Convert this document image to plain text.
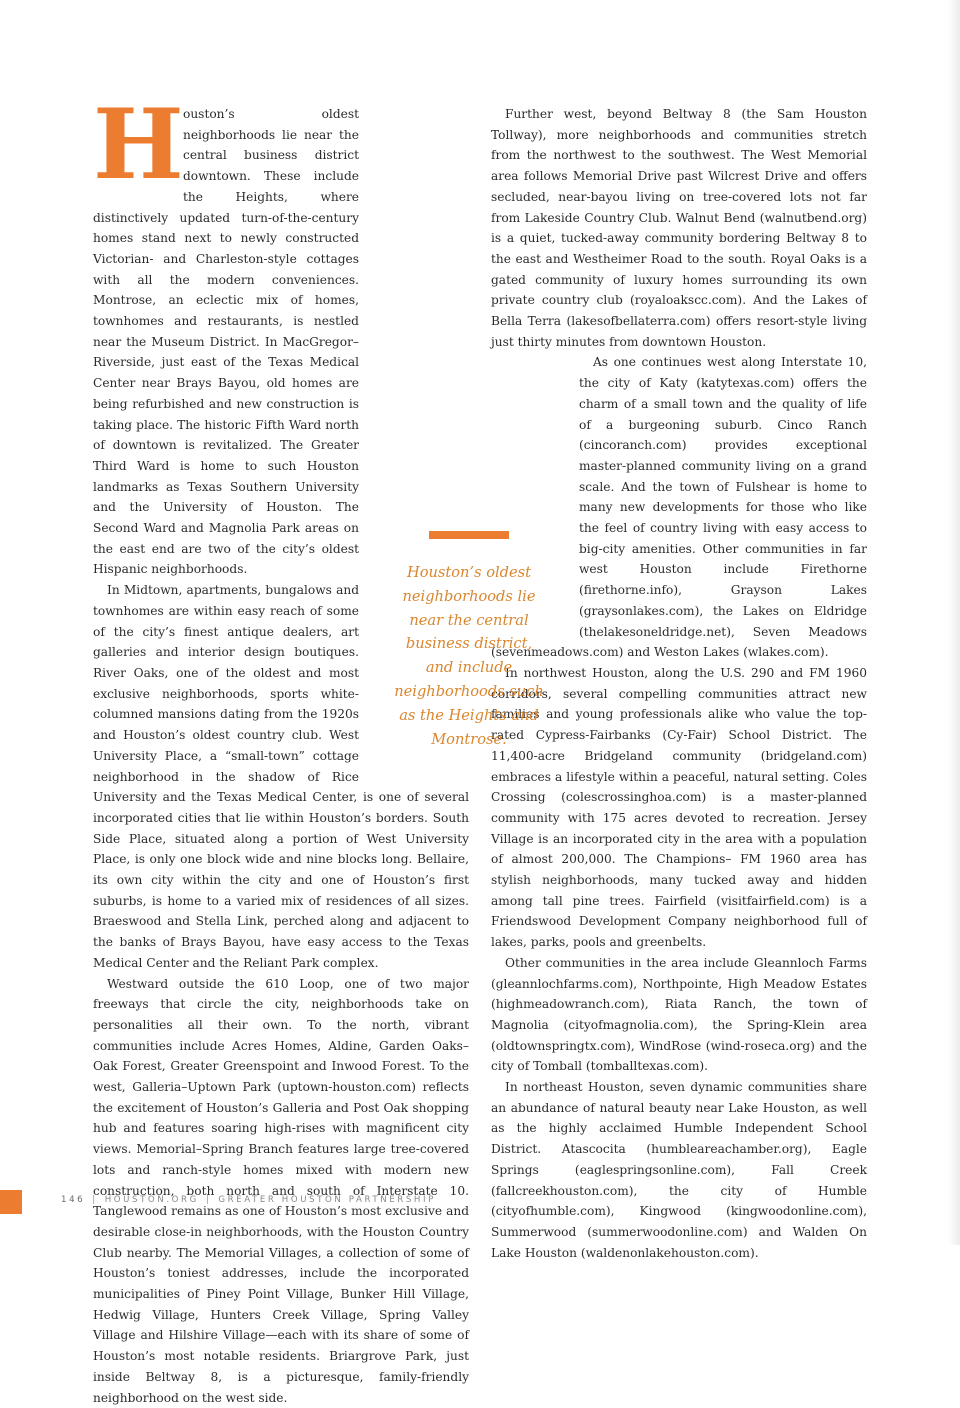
H ouston’s oldest neighborhoods lie near the central business district downtown. These include the Heights, where distinctively updated turn-of-the-century homes stand next to newly constructed Victorian- and Charleston-style cottages with all the modern conveniences. Montrose, an eclectic mix of homes, townhomes and restaurants, is nestled near the Museum District. In MacGregor–Riverside, just east of the Texas Medical Center near Brays Bayou, old homes are being refurbished and new construction is taking place. The historic Fifth Ward north of downtown is revitalized. The Greater Third Ward is home to such Houston landmarks as Texas Southern University and the University of Houston. The Second Ward and Magnolia Park areas on the east end are two of the city’s oldest Hispanic neighborhoods.

In Midtown, apartments, bungalows and townhomes are within easy reach of some of the city’s finest antique dealers, art galleries and interior design boutiques. River Oaks, one of the oldest and most exclusive neighborhoods, sports white-columned mansions dating from the 1920s and Houston’s oldest country club. West University Place, a “small-town” cottage neighborhood in the shadow of Rice University and the Texas Medical Center, is one of several incorporated cities that lie within Houston’s borders. South Side Place, situated along a portion of West University Place, is only one block wide and nine blocks long. Bellaire, its own city within the city and one of Houston’s first suburbs, is home to a varied mix of residences of all sizes. Braeswood and Stella Link, perched along and adjacent to the banks of Brays Bayou, have easy access to the Texas Medical Center and the Reliant Park complex.

Westward outside the 610 Loop, one of two major freeways that circle the city, neighborhoods take on personalities all their own. To the north, vibrant communities include Acres Homes, Aldine, Garden Oaks–Oak Forest, Greater Greenspoint and Inwood Forest. To the west, Galleria–Uptown Park (uptown-houston.com) reflects the excitement of Houston’s Galleria and Post Oak shopping hub and features soaring high-rises with magnificent city views. Memorial–Spring Branch features large tree-covered lots and ranch-style homes mixed with modern new construction, both north and south of Interstate 10. Tanglewood remains as one of Houston’s most exclusive and desirable close-in neighborhoods, with the Houston Country Club nearby. The Memorial Villages, a collection of some of Houston’s toniest addresses, include the incorporated municipalities of Piney Point Village, Bunker Hill Village, Hedwig Village, Hunters Creek Village, Spring Valley Village and Hilshire Village—each with its share of some of Houston’s most notable residents. Briargrove Park, just inside Beltway 8, is a picturesque, family-friendly neighborhood on the west side.

Further west, beyond Beltway 8 (the Sam Houston Tollway), more neighborhoods and communities stretch from the northwest to the southwest. The West Memorial area follows Memorial Drive past Wilcrest Drive and offers secluded, near-bayou living on tree-covered lots not far from Lakeside Country Club. Walnut Bend (walnutbend.org) is a quiet, tucked-away community bordering Beltway 8 to the east and Westheimer Road to the south. Royal Oaks is a gated community of luxury homes surrounding its own private country club (royaloakscc.com). And the Lakes of Bella Terra (lakesofbellaterra.com) offers resort-style living just thirty minutes from downtown Houston.

As one continues west along Interstate 10, the city of Katy (katytexas.com) offers the charm of a small town and the quality of life of a burgeoning suburb. Cinco Ranch (cincoranch.com) provides exceptional master-planned community living on a grand scale. And the town of Fulshear is home to many new developments for those who like the feel of country living with easy access to big-city amenities. Other communities in far west Houston include Firethorne (firethorne.info), Grayson Lakes (graysonlakes.com), the Lakes on Eldridge (thelakesoneldridge.net), Seven Meadows (sevenmeadows.com) and Weston Lakes (wlakes.com).

In northwest Houston, along the U.S. 290 and FM 1960 corridors, several compelling communities attract new families and young professionals alike who value the top-rated Cypress-Fairbanks (Cy-Fair) School District. The 11,400-acre Bridgeland community (bridgeland.com) embraces a lifestyle within a peaceful, natural setting. Coles Crossing (colescrossinghoa.com) is a master-planned community with 175 acres devoted to recreation. Jersey Village is an incorporated city in the area with a population of almost 200,000. The Champions– FM 1960 area has stylish neighborhoods, many tucked away and hidden among tall pine trees. Fairfield (visitfairfield.com) is a Friendswood Development Company neighborhood full of lakes, parks, pools and greenbelts.

Other communities in the area include Gleannloch Farms (gleannlochfarms.com), Northpointe, High Meadow Estates (highmeadowranch.com), Riata Ranch, the town of Magnolia (cityofmagnolia.com), the Spring-Klein area (oldtownspringtx.com), WindRose (wind-roseca.org) and the city of Tomball (tomballtexas.com).

In northeast Houston, seven dynamic communities share an abundance of natural beauty near Lake Houston, as well as the highly acclaimed Humble Independent School District. Atascocita (humbleareachamber.org), Eagle Springs (eaglespringsonline.com), Fall Creek (fallcreekhouston.com), the city of Humble (cityofhumble.com), Kingwood (kingwoodonline.com), Summerwood (summerwoodonline.com) and Walden On Lake Houston (waldenonlakehouston.com).

Houston’s oldest neighborhoods lie near the central business district, and include neighborhoods such as the Heights and Montrose.

146 | HOUSTON.ORG | GREATER HOUSTON PARTNERSHIP
